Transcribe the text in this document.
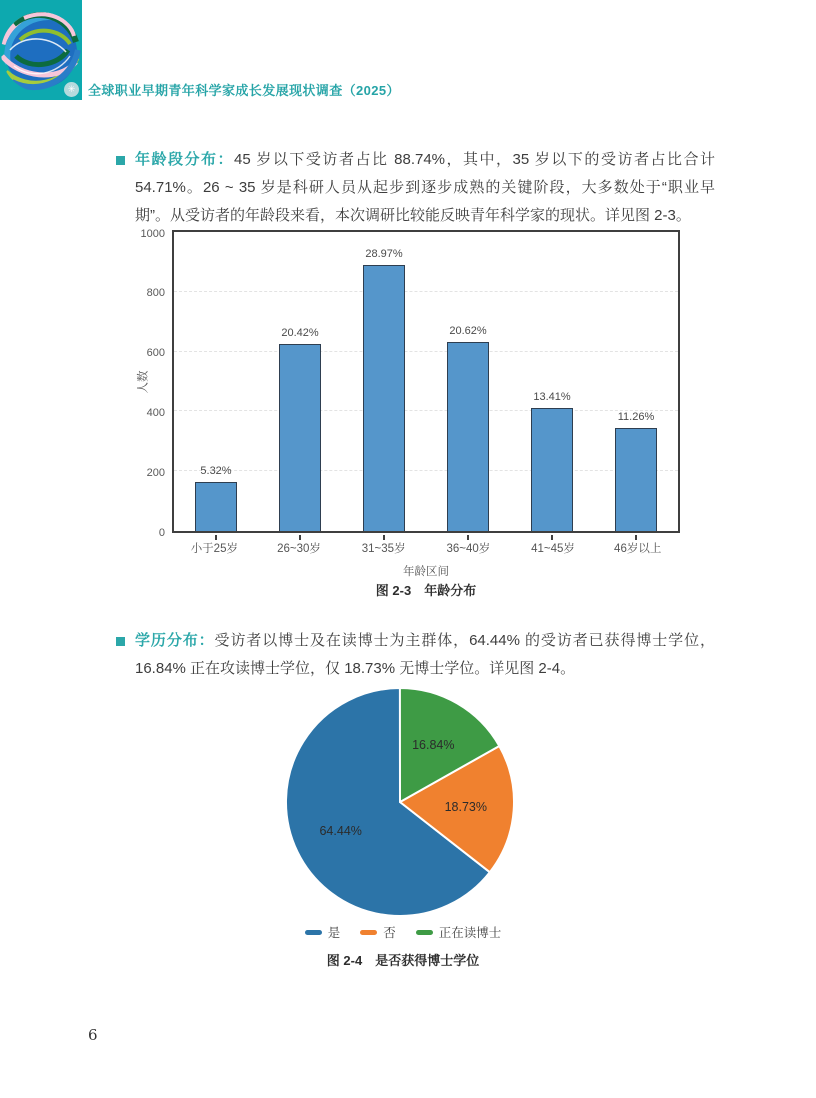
✳ 全球职业早期青年科学家成长发展现状调查（2025）

年龄段分布：45 岁以下受访者占比 88.74%，其中，35 岁以下的受访者占比合计 54.71%。26 ~ 35 岁是科研人员从起步到逐步成熟的关键阶段，大多数处于“职业早期”。从受访者的年龄段来看，本次调研比较能反映青年科学家的现状。详见图 2-3。

人数
0
200
400
600
800
1000
5.32%
20.42%
28.97%
20.62%
13.41%
11.26%
小于25岁	26~30岁	31~35岁	36~40岁	41~45岁	46岁以上
年龄区间
图 2-3　年龄分布

学历分布：受访者以博士及在读博士为主群体，64.44% 的受访者已获得博士学位，16.84% 正在攻读博士学位，仅 18.73% 无博士学位。详见图 2-4。

64.44%
18.73%
16.84%
是	否	正在读博士
图 2-4　是否获得博士学位
6
